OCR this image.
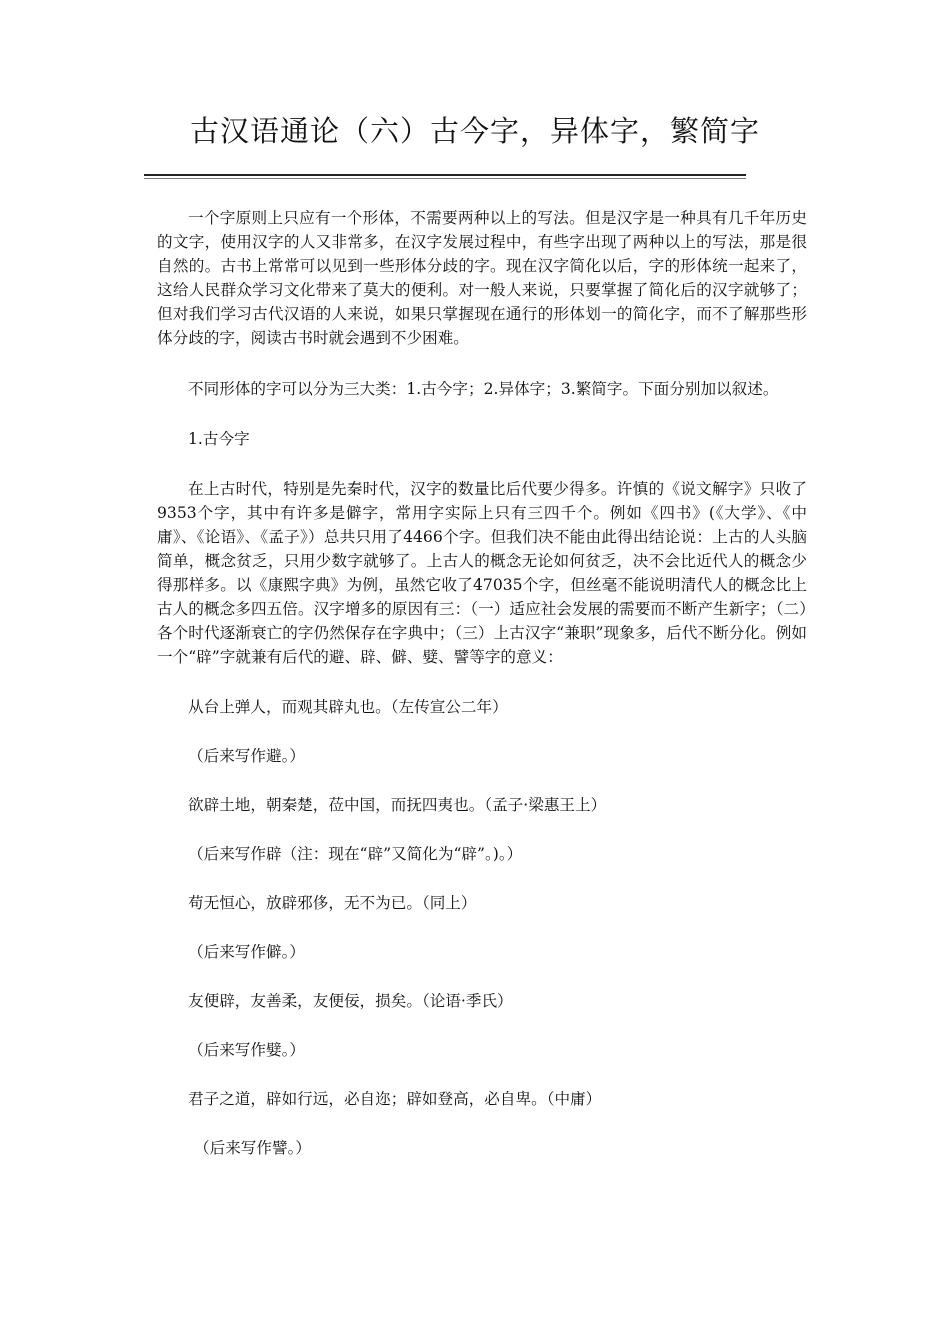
古汉语通论（六）古今字，异体字，繁简字

一个字原则上只应有一个形体，不需要两种以上的写法。但是汉字是一种具有几千年历史的文字，使用汉字的人又非常多，在汉字发展过程中，有些字出现了两种以上的写法，那是很自然的。古书上常常可以见到一些形体分歧的字。现在汉字简化以后，字的形体统一起来了，这给人民群众学习文化带来了莫大的便利。对一般人来说，只要掌握了简化后的汉字就够了；但对我们学习古代汉语的人来说，如果只掌握现在通行的形体划一的简化字，而不了解那些形体分歧的字，阅读古书时就会遇到不少困难。

不同形体的字可以分为三大类：1.古今字；2.异体字；3.繁简字。下面分别加以叙述。

1.古今字

在上古时代，特别是先秦时代，汉字的数量比后代要少得多。许慎的《说文解字》只收了9353个字，其中有许多是僻字，常用字实际上只有三四千个。例如《四书》(《大学》、《中庸》、《论语》、《孟子》）总共只用了4466个字。但我们决不能由此得出结论说：上古的人头脑简单，概念贫乏，只用少数字就够了。上古人的概念无论如何贫乏，决不会比近代人的概念少得那样多。以《康熙字典》为例，虽然它收了47035个字，但丝毫不能说明清代人的概念比上古人的概念多四五倍。汉字增多的原因有三：（一）适应社会发展的需要而不断产生新字；（二）各个时代逐渐衰亡的字仍然保存在字典中；（三）上古汉字“兼职”现象多，后代不断分化。例如一个“辟”字就兼有后代的避、辟、僻、嬖、譬等字的意义：

从台上弹人，而观其辟丸也。（左传宣公二年）

（后来写作避。）

欲辟土地，朝秦楚，莅中国，而抚四夷也。（孟子·梁惠王上）

（后来写作辟（注：现在“辟”又简化为“辟”。)。）

苟无恒心，放辟邪侈，无不为已。（同上）

（后来写作僻。）

友便辟，友善柔，友便佞，损矣。（论语·季氏）

（后来写作嬖。）

君子之道，辟如行远，必自迩；辟如登高，必自卑。（中庸）

（后来写作譬。）
